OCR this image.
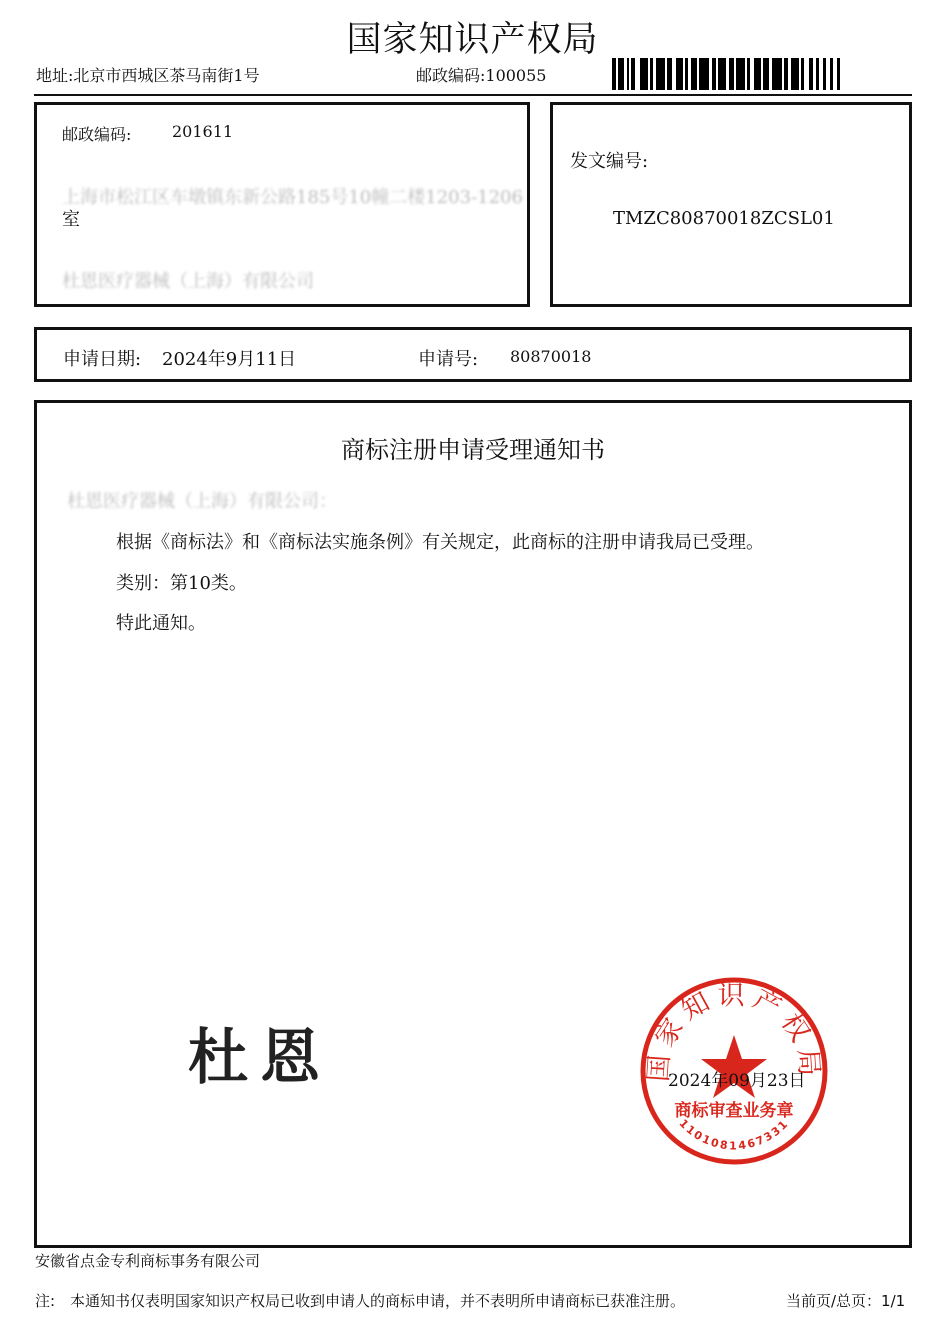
国家知识产权局
地址:北京市西城区茶马南街1号	邮政编码:100055
邮政编码:	201611
上海市松江区车墩镇东新公路185号10幢二楼1203-1206
室
杜恩医疗器械（上海）有限公司
发文编号:
TMZC80870018ZCSL01
申请日期: 2024年9月11日	申请号: 80870018
商标注册申请受理通知书
杜恩医疗器械（上海）有限公司：
根据《商标法》和《商标法实施条例》有关规定，此商标的注册申请我局已受理。
类别：第10类。
特此通知。
杜恩	国家知识产权局
商标审查业务章
1101081467331
2024年09月23日
安徽省点金专利商标事务有限公司
注:　本通知书仅表明国家知识产权局已收到申请人的商标申请，并不表明所申请商标已获准注册。	当前页/总页：1/1
